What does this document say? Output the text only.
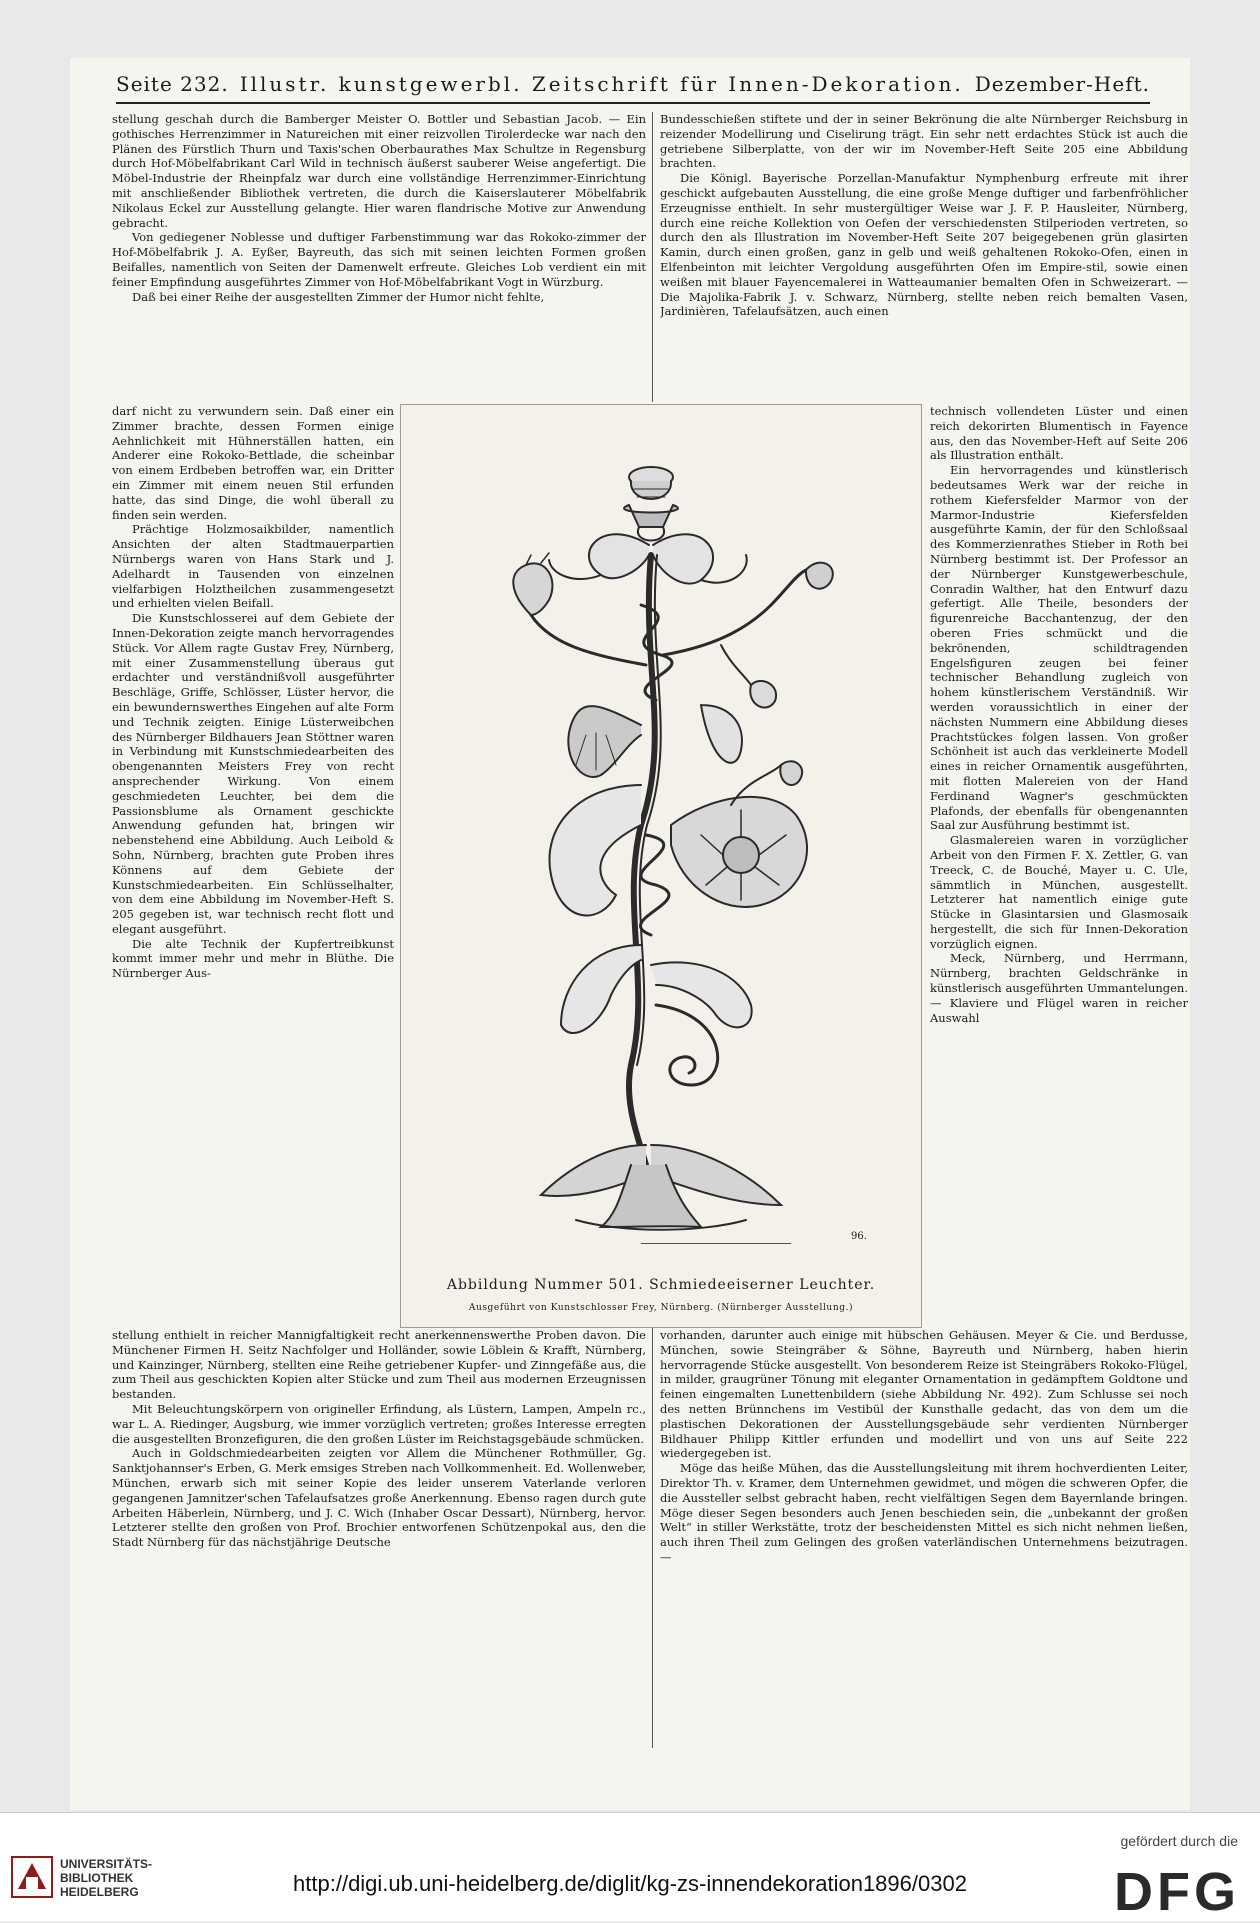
Seite 232. Illustr. kunstgewerbl. Zeitschrift für Innen-Dekoration. Dezember-Heft.

stellung geschah durch die Bamberger Meister O. Bottler und Sebastian Jacob. — Ein gothisches Herrenzimmer in Natureichen mit einer reizvollen Tirolerdecke war nach den Plänen des Fürstlich Thurn und Taxis'schen Oberbaurathes Max Schultze in Regensburg durch Hof-Möbelfabrikant Carl Wild in technisch äußerst sauberer Weise angefertigt. Die Möbel-Industrie der Rheinpfalz war durch eine vollständige Herrenzimmer-Einrichtung mit anschließender Bibliothek vertreten, die durch die Kaiserslauterer Möbelfabrik Nikolaus Eckel zur Ausstellung gelangte. Hier waren flandrische Motive zur Anwendung gebracht.

Von gediegener Noblesse und duftiger Farbenstimmung war das Rokoko-zimmer der Hof-Möbelfabrik J. A. Eyßer, Bayreuth, das sich mit seinen leichten Formen großen Beifalles, namentlich von Seiten der Damenwelt erfreute. Gleiches Lob verdient ein mit feiner Empfindung ausgeführtes Zimmer von Hof-Möbelfabrikant Vogt in Würzburg.

Daß bei einer Reihe der ausgestellten Zimmer der Humor nicht fehlte,

Bundesschießen stiftete und der in seiner Bekrönung die alte Nürnberger Reichsburg in reizender Modellirung und Ciselirung trägt. Ein sehr nett erdachtes Stück ist auch die getriebene Silberplatte, von der wir im November-Heft Seite 205 eine Abbildung brachten.

Die Königl. Bayerische Porzellan-Manufaktur Nymphenburg erfreute mit ihrer geschickt aufgebauten Ausstellung, die eine große Menge duftiger und farbenfröhlicher Erzeugnisse enthielt. In sehr mustergültiger Weise war J. F. P. Hausleiter, Nürnberg, durch eine reiche Kollektion von Oefen der verschiedensten Stilperioden vertreten, so durch den als Illustration im November-Heft Seite 207 beigegebenen grün glasirten Kamin, durch einen großen, ganz in gelb und weiß gehaltenen Rokoko-Ofen, einen in Elfenbeinton mit leichter Vergoldung ausgeführten Ofen im Empire-stil, sowie einen weißen mit blauer Fayencemalerei in Watteaumanier bemalten Ofen in Schweizerart. — Die Majolika-Fabrik J. v. Schwarz, Nürnberg, stellte neben reich bemalten Vasen, Jardinièren, Tafelaufsätzen, auch einen

darf nicht zu verwundern sein. Daß einer ein Zimmer brachte, dessen Formen einige Aehnlichkeit mit Hühnerställen hatten, ein Anderer eine Rokoko-Bettlade, die scheinbar von einem Erdbeben betroffen war, ein Dritter ein Zimmer mit einem neuen Stil erfunden hatte, das sind Dinge, die wohl überall zu finden sein werden.

Prächtige Holzmosaikbilder, namentlich Ansichten der alten Stadtmauerpartien Nürnbergs waren von Hans Stark und J. Adelhardt in Tausenden von einzelnen vielfarbigen Holztheilchen zusammengesetzt und erhielten vielen Beifall.

Die Kunstschlosserei auf dem Gebiete der Innen-Dekoration zeigte manch hervorragendes Stück. Vor Allem ragte Gustav Frey, Nürnberg, mit einer Zusammenstellung überaus gut erdachter und verständnißvoll ausgeführter Beschläge, Griffe, Schlösser, Lüster hervor, die ein bewundernswerthes Eingehen auf alte Form und Technik zeigten. Einige Lüsterweibchen des Nürnberger Bildhauers Jean Stöttner waren in Verbindung mit Kunstschmiedearbeiten des obengenannten Meisters Frey von recht ansprechender Wirkung. Von einem geschmiedeten Leuchter, bei dem die Passionsblume als Ornament geschickte Anwendung gefunden hat, bringen wir nebenstehend eine Abbildung. Auch Leibold & Sohn, Nürnberg, brachten gute Proben ihres Könnens auf dem Gebiete der Kunstschmiedearbeiten. Ein Schlüsselhalter, von dem eine Abbildung im November-Heft S. 205 gegeben ist, war technisch recht flott und elegant ausgeführt.

Die alte Technik der Kupfertreibkunst kommt immer mehr und mehr in Blüthe. Die Nürnberger Aus-

96.
Abbildung Nummer 501. Schmiedeeiserner Leuchter.
Ausgeführt von Kunstschlosser Frey, Nürnberg. (Nürnberger Ausstellung.)

technisch vollendeten Lüster und einen reich dekorirten Blumentisch in Fayence aus, den das November-Heft auf Seite 206 als Illustration enthält.

Ein hervorragendes und künstlerisch bedeutsames Werk war der reiche in rothem Kiefersfelder Marmor von der Marmor-Industrie Kiefersfelden ausgeführte Kamin, der für den Schloßsaal des Kommerzienrathes Stieber in Roth bei Nürnberg bestimmt ist. Der Professor an der Nürnberger Kunstgewerbeschule, Conradin Walther, hat den Entwurf dazu gefertigt. Alle Theile, besonders der figurenreiche Bacchantenzug, der den oberen Fries schmückt und die bekrönenden, schildtragenden Engelsfiguren zeugen bei feiner technischer Behandlung zugleich von hohem künstlerischem Verständniß. Wir werden voraussichtlich in einer der nächsten Nummern eine Abbildung dieses Prachtstückes folgen lassen. Von großer Schönheit ist auch das verkleinerte Modell eines in reicher Ornamentik ausgeführten, mit flotten Malereien von der Hand Ferdinand Wagner's geschmückten Plafonds, der ebenfalls für obengenannten Saal zur Ausführung bestimmt ist.

Glasmalereien waren in vorzüglicher Arbeit von den Firmen F. X. Zettler, G. van Treeck, C. de Bouché, Mayer u. C. Ule, sämmtlich in München, ausgestellt. Letzterer hat namentlich einige gute Stücke in Glasintarsien und Glasmosaik hergestellt, die sich für Innen-Dekoration vorzüglich eignen.

Meck, Nürnberg, und Herrmann, Nürnberg, brachten Geldschränke in künstlerisch ausgeführten Ummantelungen. — Klaviere und Flügel waren in reicher Auswahl

stellung enthielt in reicher Mannigfaltigkeit recht anerkennenswerthe Proben davon. Die Münchener Firmen H. Seitz Nachfolger und Holländer, sowie Löblein & Krafft, Nürnberg, und Kainzinger, Nürnberg, stellten eine Reihe getriebener Kupfer- und Zinngefäße aus, die zum Theil aus geschickten Kopien alter Stücke und zum Theil aus modernen Erzeugnissen bestanden.

Mit Beleuchtungskörpern von origineller Erfindung, als Lüstern, Lampen, Ampeln rc., war L. A. Riedinger, Augsburg, wie immer vorzüglich vertreten; großes Interesse erregten die ausgestellten Bronzefiguren, die den großen Lüster im Reichstagsgebäude schmücken.

Auch in Goldschmiedearbeiten zeigten vor Allem die Münchener Rothmüller, Gg. Sanktjohannser's Erben, G. Merk emsiges Streben nach Vollkommenheit. Ed. Wollenweber, München, erwarb sich mit seiner Kopie des leider unserem Vaterlande verloren gegangenen Jamnitzer'schen Tafelaufsatzes große Anerkennung. Ebenso ragen durch gute Arbeiten Häberlein, Nürnberg, und J. C. Wich (Inhaber Oscar Dessart), Nürnberg, hervor. Letzterer stellte den großen von Prof. Brochier entworfenen Schützenpokal aus, den die Stadt Nürnberg für das nächstjährige Deutsche

vorhanden, darunter auch einige mit hübschen Gehäusen. Meyer & Cie. und Berdusse, München, sowie Steingräber & Söhne, Bayreuth und Nürnberg, haben hierin hervorragende Stücke ausgestellt. Von besonderem Reize ist Steingräbers Rokoko-Flügel, in milder, graugrüner Tönung mit eleganter Ornamentation in gedämpftem Goldtone und feinen eingemalten Lunettenbildern (siehe Abbildung Nr. 492). Zum Schlusse sei noch des netten Brünnchens im Vestibül der Kunsthalle gedacht, das von dem um die plastischen Dekorationen der Ausstellungsgebäude sehr verdienten Nürnberger Bildhauer Philipp Kittler erfunden und modellirt und von uns auf Seite 222 wiedergegeben ist.

Möge das heiße Mühen, das die Ausstellungsleitung mit ihrem hochverdienten Leiter, Direktor Th. v. Kramer, dem Unternehmen gewidmet, und mögen die schweren Opfer, die die Aussteller selbst gebracht haben, recht vielfältigen Segen dem Bayernlande bringen. Möge dieser Segen besonders auch Jenen beschieden sein, die „unbekannt der großen Welt“ in stiller Werkstätte, trotz der bescheidensten Mittel es sich nicht nehmen ließen, auch ihren Theil zum Gelingen des großen vaterländischen Unternehmens beizutragen. —

UNIVERSITÄTS-
BIBLIOTHEK
HEIDELBERG	http://digi.ub.uni-heidelberg.de/diglit/kg-zs-innendekoration1896/0302
gefördert durch die
DFG
